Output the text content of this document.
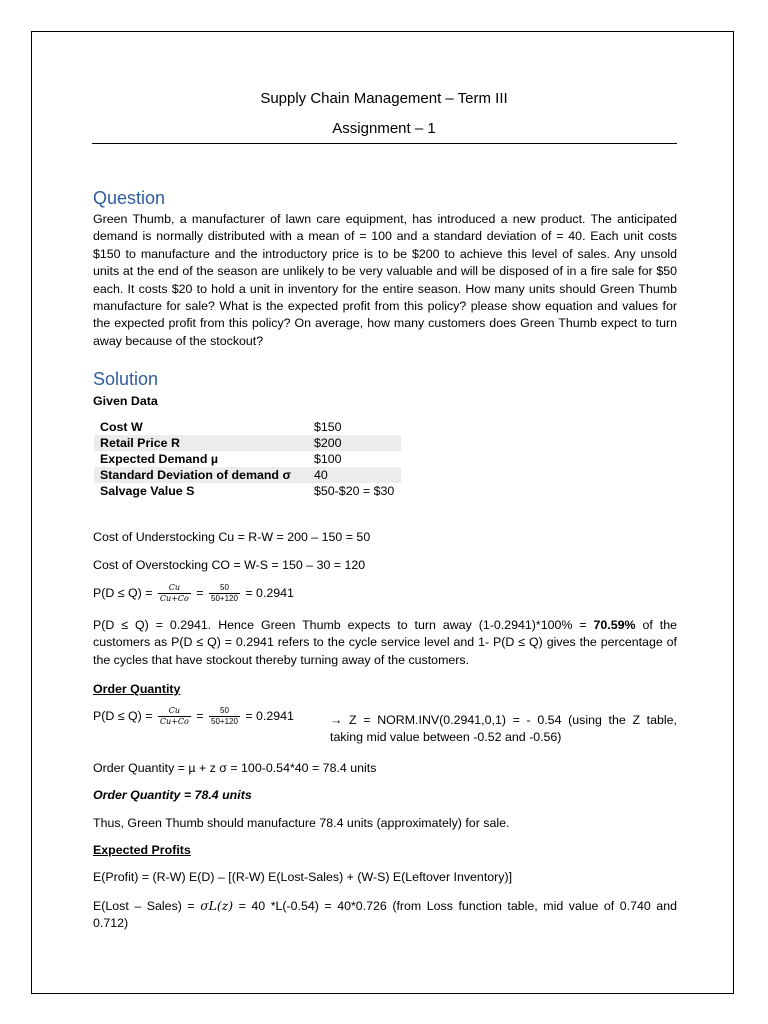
Supply Chain Management – Term III
Assignment – 1
Question
Green Thumb, a manufacturer of lawn care equipment, has introduced a new product. The anticipated demand is normally distributed with a mean of = 100 and a standard deviation of = 40. Each unit costs $150 to manufacture and the introductory price is to be $200 to achieve this level of sales. Any unsold units at the end of the season are unlikely to be very valuable and will be disposed of in a fire sale for $50 each. It costs $20 to hold a unit in inventory for the entire season. How many units should Green Thumb manufacture for sale? What is the expected profit from this policy? please show equation and values for the expected profit from this policy? On average, how many customers does Green Thumb expect to turn away because of the stockout?
Solution
Given Data
Cost W	$150
Retail Price R	$200
Expected Demand µ	$100
Standard Deviation of demand σ	40
Salvage Value S	$50-$20 = $30
Cost of Understocking Cu = R-W = 200 – 150 = 50
Cost of Overstocking CO = W-S = 150 – 30 = 120
$P(D \le Q) = \frac{Cu}{Cu+Co} = \frac{50}{50+120} = 0.2941$
P(D ≤ Q) = 0.2941. Hence Green Thumb expects to turn away (1-0.2941)*100% = 70.59% of the customers as P(D ≤ Q) = 0.2941 refers to the cycle service level and 1- P(D ≤ Q) gives the percentage of the cycles that have stockout thereby turning away of the customers.
Order Quantity
$P(D \le Q) = \frac{Cu}{Cu+Co} = \frac{50}{50+120} = 0.2941$	→ Z = NORM.INV(0.2941,0,1) = - 0.54 (using the Z table, taking mid value between -0.52 and -0.56)
Order Quantity = µ + z σ = 100-0.54*40 = 78.4 units
Order Quantity = 78.4 units
Thus, Green Thumb should manufacture 78.4 units (approximately) for sale.
Expected Profits
E(Profit) = (R-W) E(D) – [(R-W) E(Lost-Sales) + (W-S) E(Leftover Inventory)]
E(Lost – Sales) = σL(z) = 40 *L(-0.54) = 40*0.726 (from Loss function table, mid value of 0.740 and 0.712)
